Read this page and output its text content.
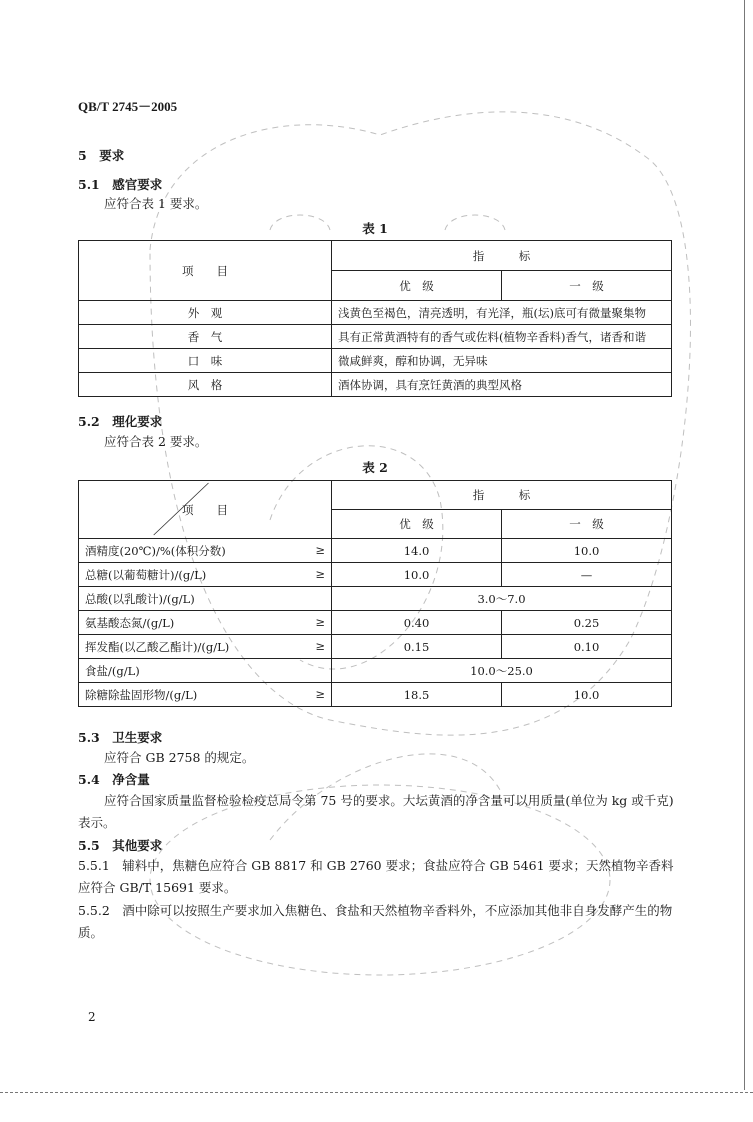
QB/T 2745－2005
5　要求
5.1　感官要求
应符合表 1 要求。
表 1
项　　目	指　　　标	
	优　级	一　级
外　观	浅黄色至褐色，清亮透明，有光泽，瓶(坛)底可有微量聚集物	
香　气	具有正常黄酒特有的香气或佐料(植物辛香料)香气，诸香和谐	
口　味	微咸鲜爽，醇和协调，无异味	
风　格	酒体协调，具有烹饪黄酒的典型风格	
5.2　理化要求
应符合表 2 要求。
表 2
项　　目	指　　　标	
	优　级	一　级
酒精度(20℃)/%(体积分数) ≥	14.0	10.0
总糖(以葡萄糖计)/(g/L) ≥	10.0	—
总酸(以乳酸计)/(g/L)	3.0～7.0	
氨基酸态氮/(g/L) ≥	0.40	0.25
挥发酯(以乙酸乙酯计)/(g/L) ≥	0.15	0.10
食盐/(g/L)	10.0～25.0	
除糖除盐固形物/(g/L) ≥	18.5	10.0
5.3　卫生要求
应符合 GB 2758 的规定。
5.4　净含量
应符合国家质量监督检验检疫总局令第 75 号的要求。大坛黄酒的净含量可以用质量(单位为 kg 或千克)表示。
5.5　其他要求
5.5.1　辅料中，焦糖色应符合 GB 8817 和 GB 2760 要求；食盐应符合 GB 5461 要求；天然植物辛香料应符合 GB/T 15691 要求。
5.5.2　酒中除可以按照生产要求加入焦糖色、食盐和天然植物辛香料外，不应添加其他非自身发酵产生的物质。
2
